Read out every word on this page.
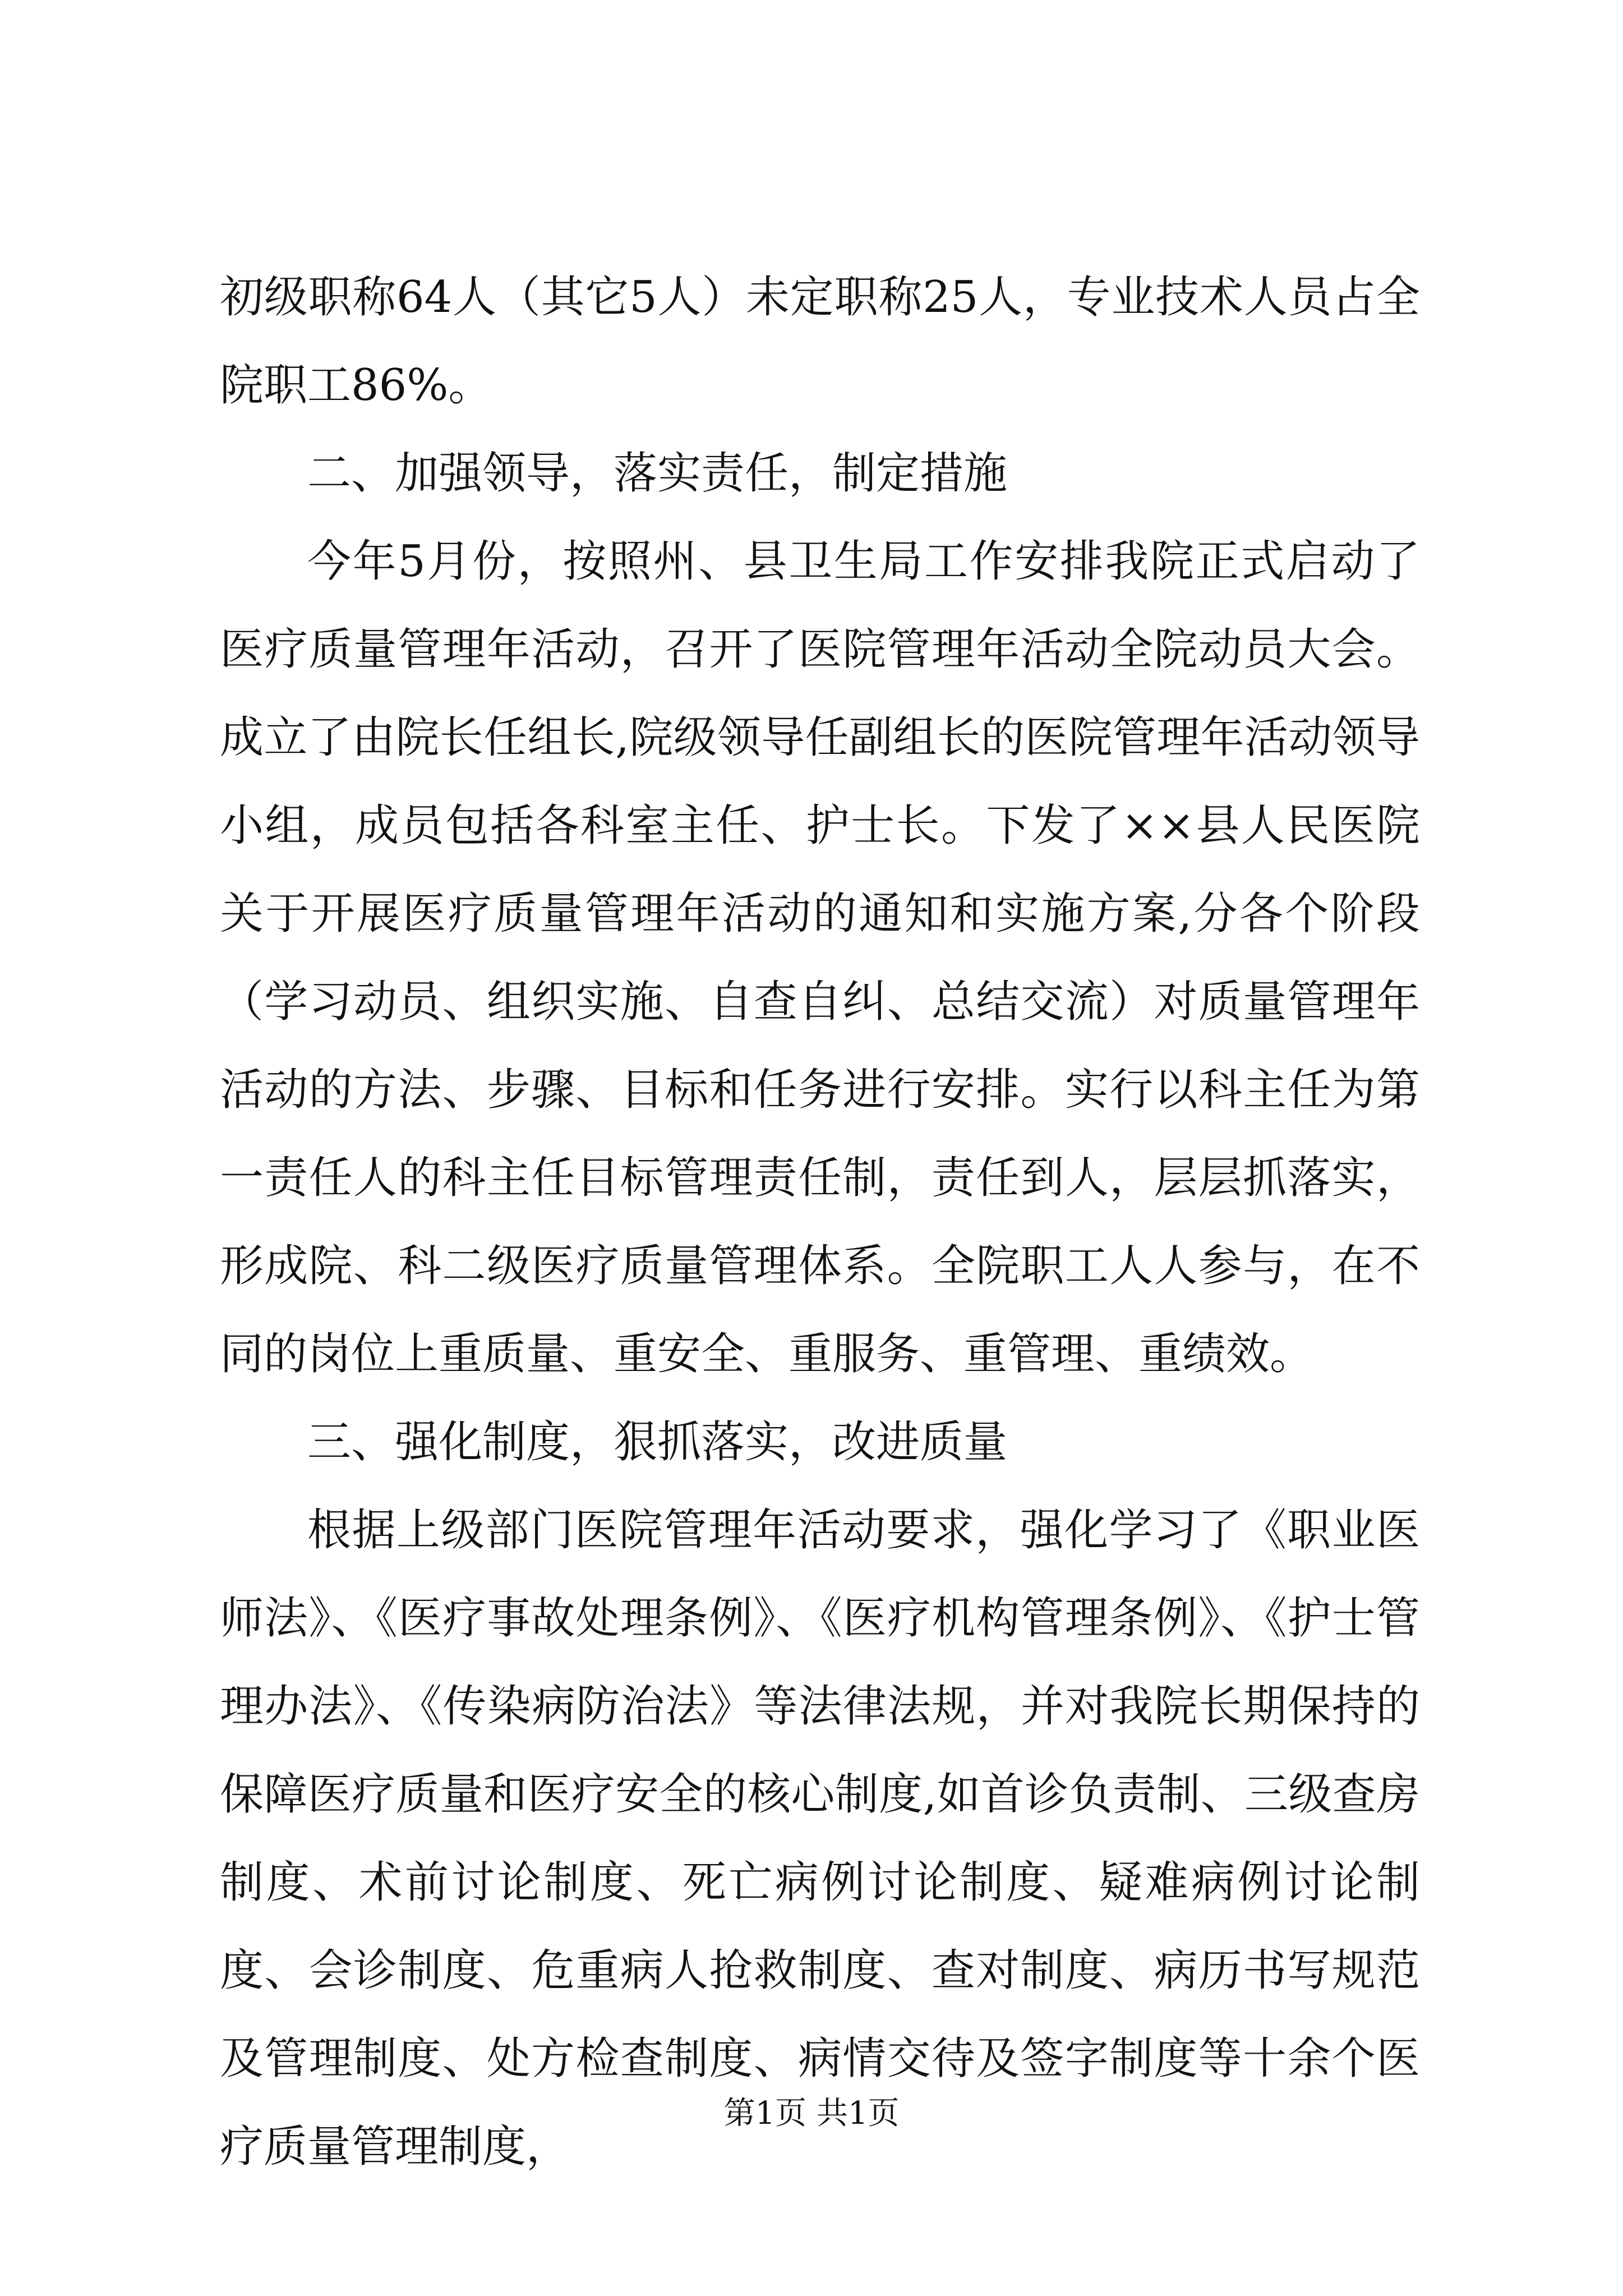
初级职称64人（其它5人）未定职称25人，专业技术人员占全院职工86%。

二、加强领导，落实责任，制定措施

今年5月份，按照州、县卫生局工作安排我院正式启动了医疗质量管理年活动，召开了医院管理年活动全院动员大会。成立了由院长任组长,院级领导任副组长的医院管理年活动领导小组，成员包括各科室主任、护士长。下发了××县人民医院关于开展医疗质量管理年活动的通知和实施方案,分各个阶段（学习动员、组织实施、自查自纠、总结交流）对质量管理年活动的方法、步骤、目标和任务进行安排。实行以科主任为第一责任人的科主任目标管理责任制，责任到人，层层抓落实，形成院、科二级医疗质量管理体系。全院职工人人参与，在不同的岗位上重质量、重安全、重服务、重管理、重绩效。

三、强化制度，狠抓落实，改进质量

根据上级部门医院管理年活动要求，强化学习了《职业医师法》、《医疗事故处理条例》、《医疗机构管理条例》、《护士管理办法》、《传染病防治法》等法律法规，并对我院长期保持的保障医疗质量和医疗安全的核心制度,如首诊负责制、三级查房制度、术前讨论制度、死亡病例讨论制度、疑难病例讨论制度、会诊制度、危重病人抢救制度、查对制度、病历书写规范及管理制度、处方检查制度、病情交待及签字制度等十余个医疗质量管理制度，

第1页 共1页
